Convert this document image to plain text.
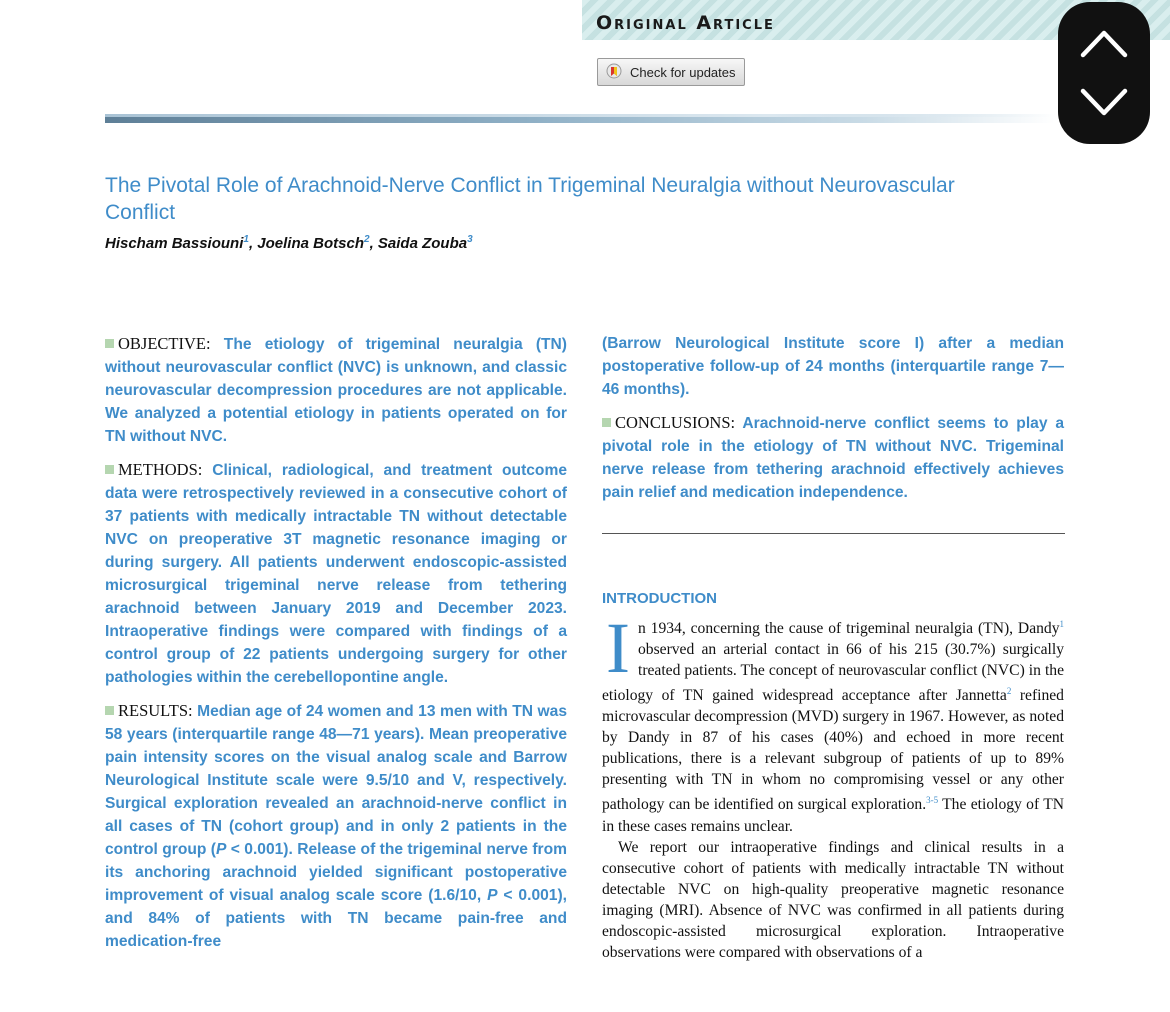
Original Article
Check for updates
The Pivotal Role of Arachnoid-Nerve Conflict in Trigeminal Neuralgia without Neurovascular Conflict

Hischam Bassiouni$^1$, Joelina Botsch$^2$, Saida Zouba$^3$

OBJECTIVE: The etiology of trigeminal neuralgia (TN) without neurovascular conflict (NVC) is unknown, and classic neurovascular decompression procedures are not applicable. We analyzed a potential etiology in patients operated on for TN without NVC.

METHODS: Clinical, radiological, and treatment outcome data were retrospectively reviewed in a consecutive cohort of 37 patients with medically intractable TN without detectable NVC on preoperative 3T magnetic resonance imaging or during surgery. All patients underwent endoscopic-assisted microsurgical trigeminal nerve release from tethering arachnoid between January 2019 and December 2023. Intraoperative findings were compared with findings of a control group of 22 patients undergoing surgery for other pathologies within the cerebellopontine angle.

RESULTS: Median age of 24 women and 13 men with TN was 58 years (interquartile range 48—71 years). Mean preoperative pain intensity scores on the visual analog scale and Barrow Neurological Institute scale were 9.5/10 and V, respectively. Surgical exploration revealed an arachnoid-nerve conflict in all cases of TN (cohort group) and in only 2 patients in the control group (P < 0.001). Release of the trigeminal nerve from its anchoring arachnoid yielded significant postoperative improvement of visual analog scale score (1.6/10, P < 0.001), and 84% of patients with TN became pain-free and medication-free

(Barrow Neurological Institute score I) after a median postoperative follow-up of 24 months (interquartile range 7—46 months).

CONCLUSIONS: Arachnoid-nerve conflict seems to play a pivotal role in the etiology of TN without NVC. Trigeminal nerve release from tethering arachnoid effectively achieves pain relief and medication independence.

INTRODUCTION

In 1934, concerning the cause of trigeminal neuralgia (TN), Dandy$^1$ observed an arterial contact in 66 of his 215 (30.7%) surgically treated patients. The concept of neurovascular conflict (NVC) in the etiology of TN gained widespread acceptance after Jannetta$^2$ refined microvascular decompression (MVD) surgery in 1967. However, as noted by Dandy in 87 of his cases (40%) and echoed in more recent publications, there is a relevant subgroup of patients of up to 89% presenting with TN in whom no compromising vessel or any other pathology can be identified on surgical exploration.$^{3-5}$ The etiology of TN in these cases remains unclear.

We report our intraoperative findings and clinical results in a consecutive cohort of patients with medically intractable TN without detectable NVC on high-quality preoperative magnetic resonance imaging (MRI). Absence of NVC was confirmed in all patients during endoscopic-assisted microsurgical exploration. Intraoperative observations were compared with observations of a
